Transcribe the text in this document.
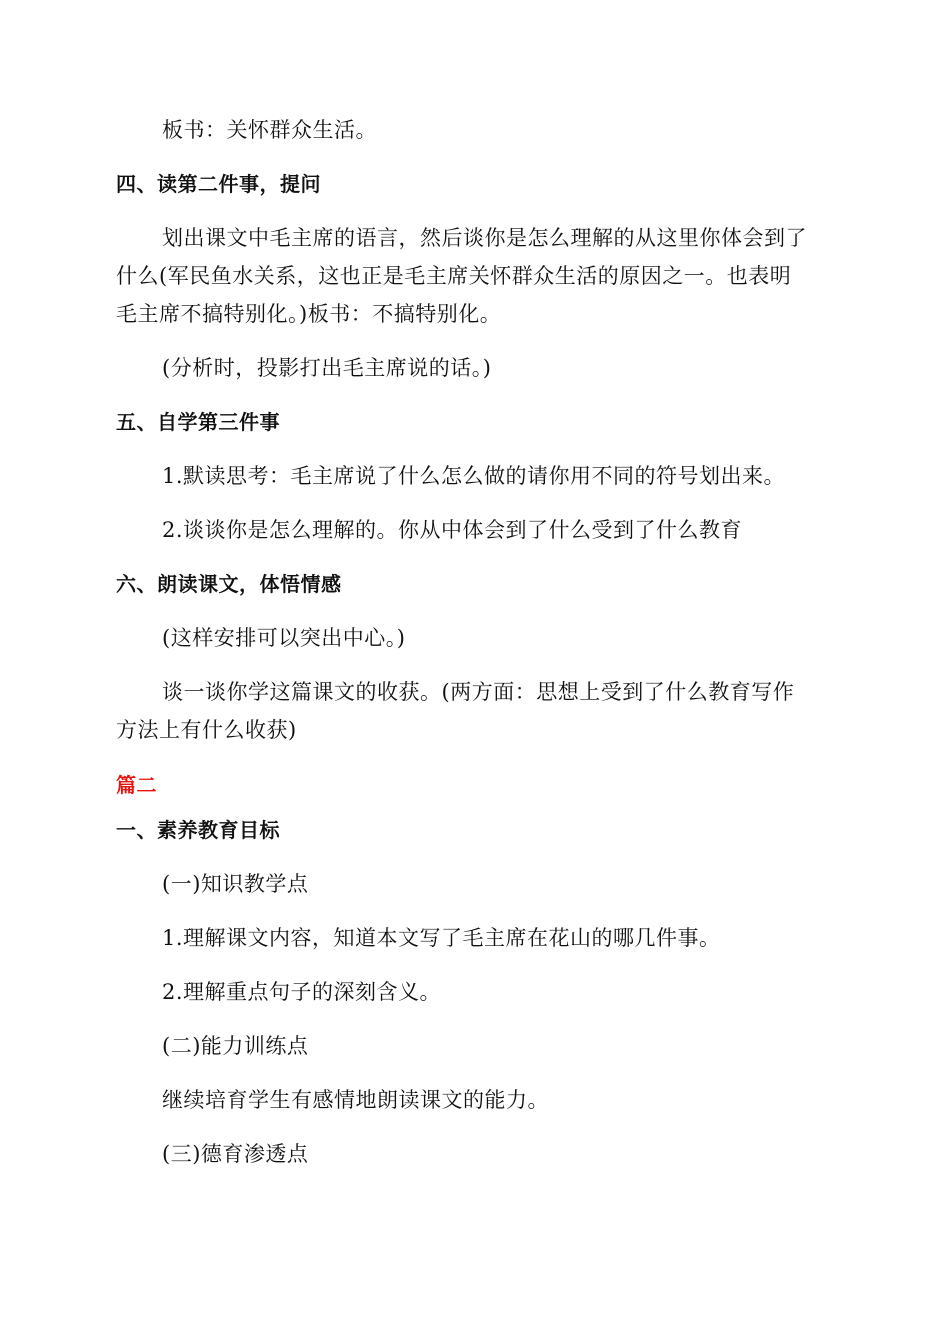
板书：关怀群众生活。
四、读第二件事，提问
划出课文中毛主席的语言，然后谈你是怎么理解的从这里你体会到了
什么(军民鱼水关系，这也正是毛主席关怀群众生活的原因之一。也表明
毛主席不搞特别化。)板书：不搞特别化。
(分析时，投影打出毛主席说的话。)
五、自学第三件事
1.默读思考：毛主席说了什么怎么做的请你用不同的符号划出来。
2.谈谈你是怎么理解的。你从中体会到了什么受到了什么教育
六、朗读课文，体悟情感
(这样安排可以突出中心。)
谈一谈你学这篇课文的收获。(两方面：思想上受到了什么教育写作
方法上有什么收获)
篇二
一、素养教育目标
(一)知识教学点
1.理解课文内容，知道本文写了毛主席在花山的哪几件事。
2.理解重点句子的深刻含义。
(二)能力训练点
继续培育学生有感情地朗读课文的能力。
(三)德育渗透点
